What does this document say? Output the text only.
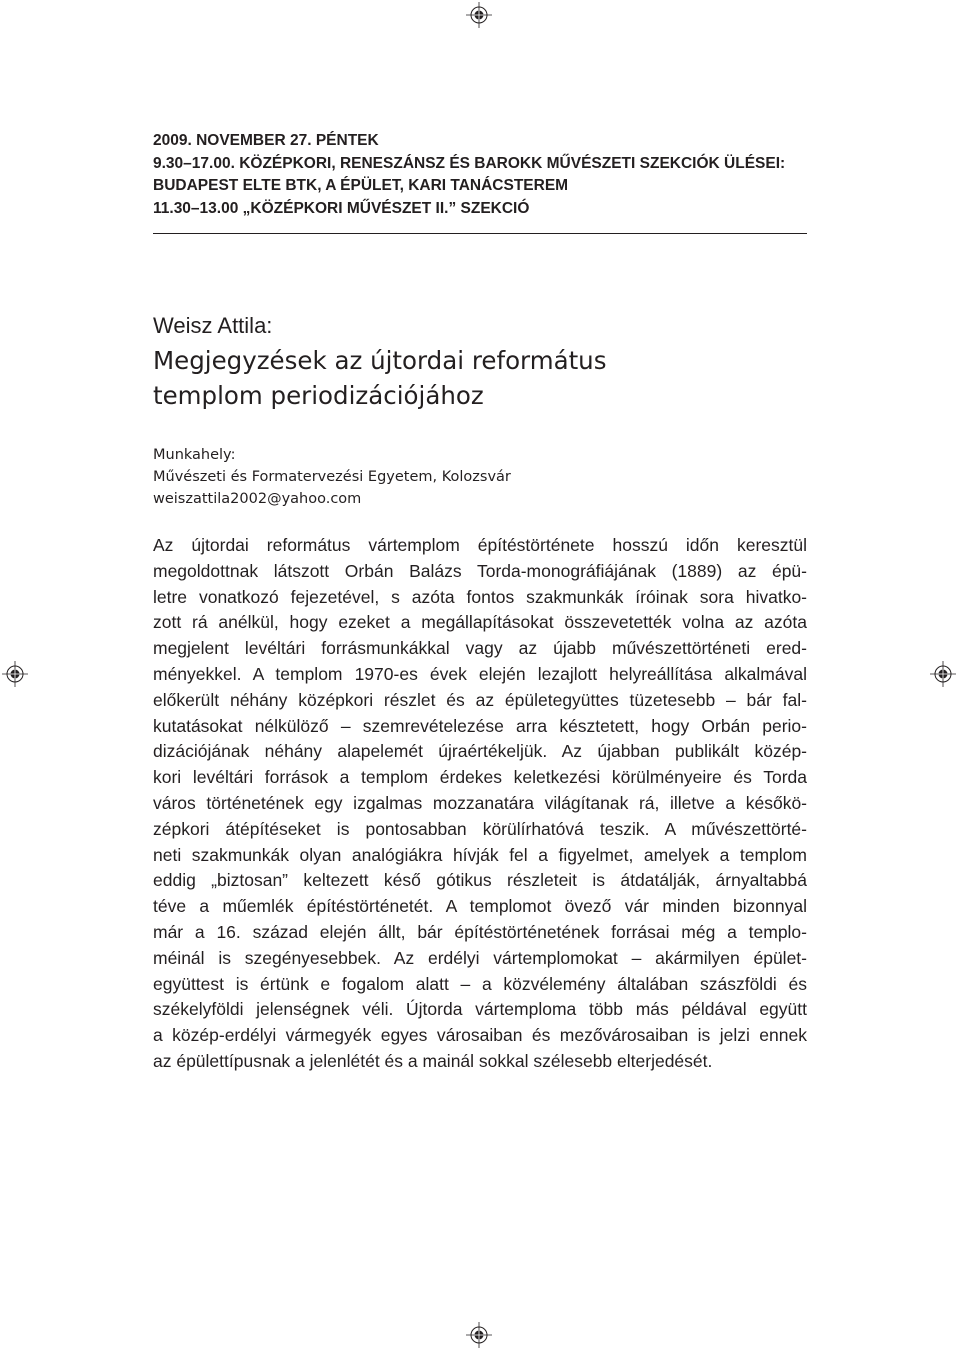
2009. NOVEMBER 27. PÉNTEK
9.30–17.00. KÖZÉPKORI, RENESZÁNSZ ÉS BAROKK MŰVÉSZETI SZEKCIÓK ÜLÉSEI:
BUDAPEST ELTE BTK, A ÉPÜLET, KARI TANÁCSTEREM
11.30–13.00 „KÖZÉPKORI MŰVÉSZET II.” SZEKCIÓ
Weisz Attila:
Megjegyzések az újtordai református
templom periodizációjához
Munkahely:
Művészeti és Formatervezési Egyetem, Kolozsvár
weiszattila2002@yahoo.com
Az újtordai református vártemplom építéstörténete hosszú időn keresztül
megoldottnak látszott Orbán Balázs Torda-monográfiájának (1889) az épü-
letre vonatkozó fejezetével, s azóta fontos szakmunkák íróinak sora hivatko-
zott rá anélkül, hogy ezeket a megállapításokat összevetették volna az azóta
megjelent levéltári forrásmunkákkal vagy az újabb művészettörténeti ered-
ményekkel. A templom 1970-es évek elején lezajlott helyreállítása alkalmával
előkerült néhány középkori részlet és az épületegyüttes tüzetesebb – bár fal-
kutatásokat nélkülöző – szemrevételezése arra késztetett, hogy Orbán perio-
dizációjának néhány alapelemét újraértékeljük. Az újabban publikált közép-
kori levéltári források a templom érdekes keletkezési körülményeire és Torda
város történetének egy izgalmas mozzanatára világítanak rá, illetve a későkö-
zépkori átépítéseket is pontosabban körülírhatóvá teszik. A művészettörté-
neti szakmunkák olyan analógiákra hívják fel a figyelmet, amelyek a templom
eddig „biztosan” keltezett késő gótikus részleteit is átdatálják, árnyaltabbá
téve a műemlék építéstörténetét. A templomot övező vár minden bizonnyal
már a 16. század elején állt, bár építéstörténetének forrásai még a templo-
méinál is szegényesebbek. Az erdélyi vártemplomokat – akármilyen épület-
együttest is értünk e fogalom alatt – a közvélemény általában szászföldi és
székelyföldi jelenségnek véli. Újtorda vártemploma több más példával együtt
a közép-erdélyi vármegyék egyes városaiban és mezővárosaiban is jelzi ennek
az épülettípusnak a jelenlétét és a mainál sokkal szélesebb elterjedését.
